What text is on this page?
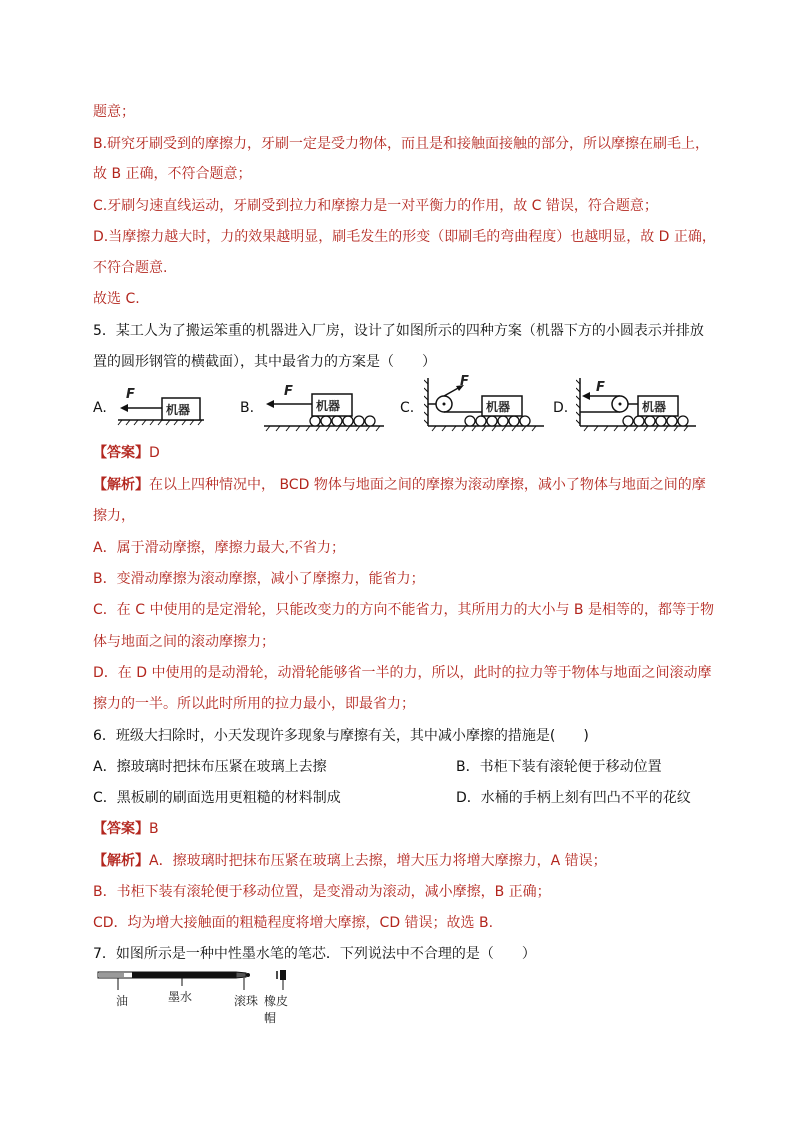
题意；
B.研究牙刷受到的摩擦力，牙刷一定是受力物体，而且是和接触面接触的部分，所以摩擦在刷毛上，
故 B 正确，不符合题意；
C.牙刷匀速直线运动，牙刷受到拉力和摩擦力是一对平衡力的作用，故 C 错误，符合题意；
D.当摩擦力越大时，力的效果越明显，刷毛发生的形变（即刷毛的弯曲程度）也越明显，故 D 正确，
不符合题意.
故选 C.
5．某工人为了搬运笨重的机器进入厂房，设计了如图所示的四种方案（机器下方的小圆表示并排放
置的圆形钢管的横截面），其中最省力的方案是（　　）
A.
F
机器	B.
F
机器	C.
F
机器	D.
F
机器
【答案】D
【解析】在以上四种情况中， BCD 物体与地面之间的摩擦为滚动摩擦，减小了物体与地面之间的摩
擦力，
A．属于滑动摩擦，摩擦力最大,不省力；
B．变滑动摩擦为滚动摩擦，减小了摩擦力，能省力；
C．在 C 中使用的是定滑轮，只能改变力的方向不能省力，其所用力的大小与 B 是相等的，都等于物
体与地面之间的滚动摩擦力；
D．在 D 中使用的是动滑轮，动滑轮能够省一半的力，所以，此时的拉力等于物体与地面之间滚动摩
擦力的一半。所以此时所用的拉力最小，即最省力；
6．班级大扫除时，小天发现许多现象与摩擦有关，其中减小摩擦的措施是(　　)
A．擦玻璃时把抹布压紧在玻璃上去擦	B．书柜下装有滚轮便于移动位置
C．黑板刷的刷面选用更粗糙的材料制成	D．水桶的手柄上刻有凹凸不平的花纹
【答案】B
【解析】A．擦玻璃时把抹布压紧在玻璃上去擦，增大压力将增大摩擦力，A 错误；
B．书柜下装有滚轮便于移动位置，是变滑动为滚动，减小摩擦，B 正确；
CD．均为增大接触面的粗糙程度将增大摩擦，CD 错误；故选 B.
7．如图所示是一种中性墨水笔的笔芯．下列说法中不合理的是（　　）
油	墨水	滚珠 橡皮帽
